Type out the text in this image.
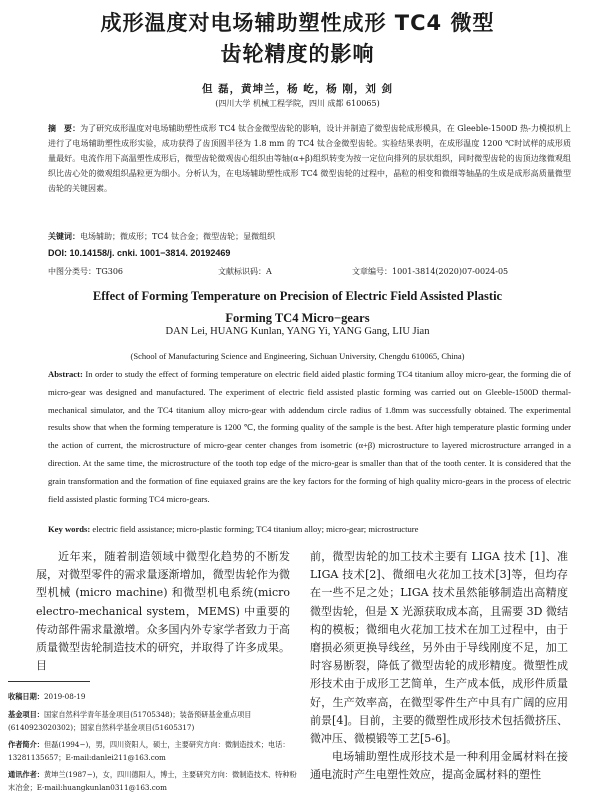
成形温度对电场辅助塑性成形 TC4 微型
齿轮精度的影响
但 磊，黄坤兰，杨 屹，杨 刚，刘 剑
(四川大学 机械工程学院，四川 成都 610065)
摘　要：为了研究成形温度对电场辅助塑性成形 TC4 钛合金微型齿轮的影响，设计并制造了微型齿轮成形模具，在 Gleeble-1500D 热-力模拟机上进行了电场辅助塑性成形实验，成功获得了齿顶圆半径为 1.8 mm 的 TC4 钛合金微型齿轮。实验结果表明，在成形温度 1200 ℃时试样的成形质量最好。电流作用下高温塑性成形后，微型齿轮微观齿心组织由等轴(α+β)组织转变为按一定位向排列的层状组织，同时微型齿轮的齿顶边缘微观组织比齿心处的微观组织晶粒更为细小。分析认为，在电场辅助塑性成形 TC4 微型齿轮的过程中，晶粒的相变和微细等轴晶的生成是成形高质量微型齿轮的关键因素。
关键词：电场辅助；微成形；TC4 钛合金；微型齿轮；显微组织
DOI: 10.14158/j. cnki. 1001−3814. 20192469
中图分类号：TG306	文献标识码：A	文章编号：1001-3814(2020)07-0024-05
Effect of Forming Temperature on Precision of Electric Field Assisted Plastic
Forming TC4 Micro−gears
DAN Lei, HUANG Kunlan, YANG Yi, YANG Gang, LIU Jian
(School of Manufacturing Science and Engineering, Sichuan University, Chengdu 610065, China)
Abstract: In order to study the effect of forming temperature on electric field aided plastic forming TC4 titanium alloy micro-gear, the forming die of micro-gear was designed and manufactured. The experiment of electric field assisted plastic forming was carried out on Gleeble-1500D thermal-mechanical simulator, and the TC4 titanium alloy micro-gear with addendum circle radius of 1.8mm was successfully obtained. The experimental results show that when the forming temperature is 1200 ℃, the forming quality of the sample is the best. After high temperature plastic forming under the action of current, the microstructure of micro-gear center changes from isometric (α+β) microstructure to layered microstructure arranged in a direction. At the same time, the microstructure of the tooth top edge of the micro-gear is smaller than that of the tooth center. It is considered that the grain transformation and the formation of fine equiaxed grains are the key factors for the forming of high quality micro-gears in the process of electric field assisted plastic forming TC4 micro-gears.
Key words: electric field assistance; micro-plastic forming; TC4 titanium alloy; micro-gear; microstructure

近年来，随着制造领域中微型化趋势的不断发展，对微型零件的需求量逐渐增加，微型齿轮作为微型机械 (micro machine) 和微型机电系统(micro electro-mechanical system，MEMS) 中重要的传动部件需求量激增。众多国内外专家学者致力于高质量微型齿轮制造技术的研究，并取得了许多成果。目

前，微型齿轮的加工技术主要有 LIGA 技术 [1]、准 LIGA 技术[2]、微细电火花加工技术[3]等，但均存在一些不足之处；LIGA 技术虽然能够制造出高精度微型齿轮，但是 X 光源获取成本高，且需要 3D 微结构的模板；微细电火花加工技术在加工过程中，由于磨损必须更换导线丝，另外由于导线刚度不足，加工时容易断裂，降低了微型齿轮的成形精度。微塑性成形技术由于成形工艺简单，生产成本低，成形件质量好，生产效率高，在微型零件生产中具有广阔的应用前景[4]。目前，主要的微塑性成形技术包括微挤压、微冲压、微模锻等工艺[5-6]。

电场辅助塑性成形技术是一种利用金属材料在接通电流时产生电塑性效应，提高金属材料的塑性

收稿日期：2019-08-19
基金项目：国家自然科学青年基金项目(51705348)；装备预研基金重点项目(6140923020302)；国家自然科学基金项目(51605317)
作者简介：但磊(1994−)，男，四川资阳人，硕士，主要研究方向：微制造技术；电话：13281135657；E-mail:danlei211@163.com
通讯作者：黄坤兰(1987−)，女，四川德阳人，博士，主要研究方向：微制造技术、特种粉末冶金；E-mail:huangkunlan0311@163.com
